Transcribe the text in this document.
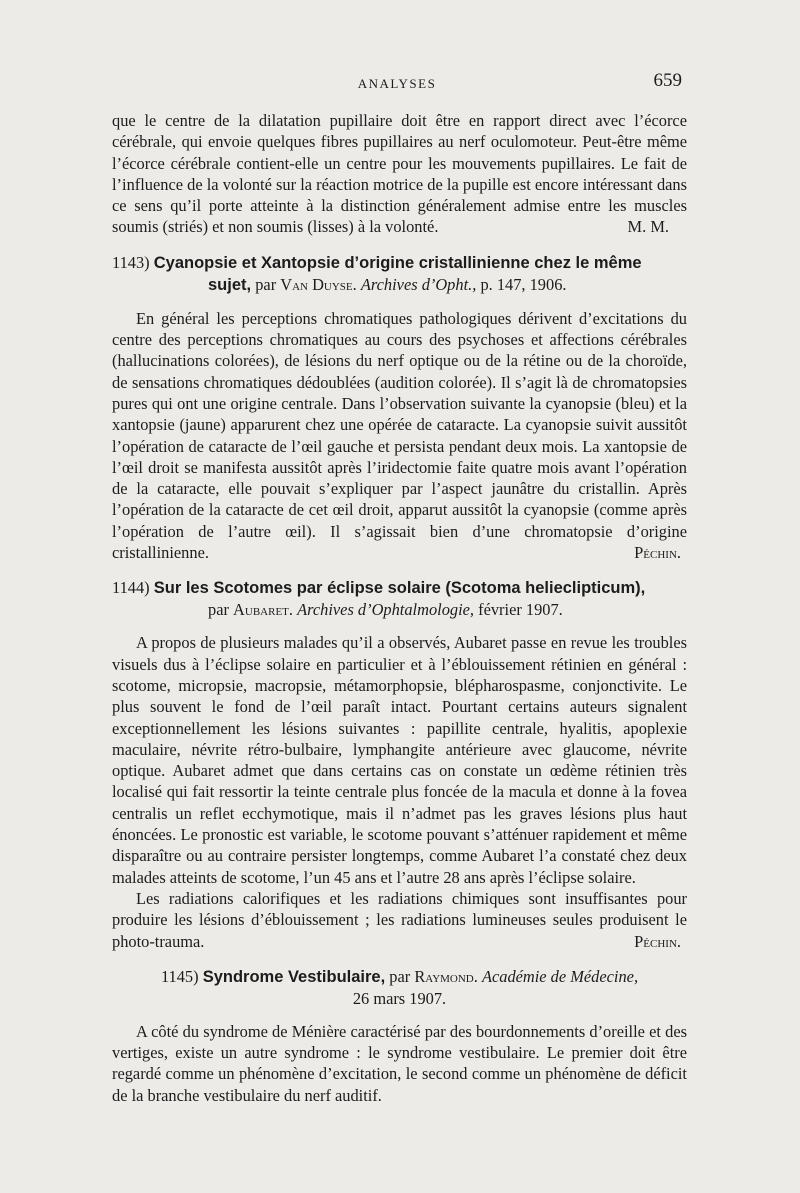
ANALYSES	659

que le centre de la dilatation pupillaire doit être en rapport direct avec l’écorce cérébrale, qui envoie quelques fibres pupillaires au nerf oculomoteur. Peut-être même l’écorce cérébrale contient-elle un centre pour les mouvements pupillaires. Le fait de l’influence de la volonté sur la réaction motrice de la pupille est encore intéressant dans ce sens qu’il porte atteinte à la distinction généralement admise entre les muscles soumis (striés) et non soumis (lisses) à la volonté.	M. M.
1143) Cyanopsie et Xantopsie d’origine cristallinienne chez le même
sujet, par Van Duyse. Archives d’Opht., p. 147, 1906.

En général les perceptions chromatiques pathologiques dérivent d’excitations du centre des perceptions chromatiques au cours des psychoses et affections cérébrales (hallucinations colorées), de lésions du nerf optique ou de la rétine ou de la choroïde, de sensations chromatiques dédoublées (audition colorée). Il s’agit là de chromatopsies pures qui ont une origine centrale. Dans l’observation suivante la cyanopsie (bleu) et la xantopsie (jaune) apparurent chez une opérée de cataracte. La cyanopsie suivit aussitôt l’opération de cataracte de l’œil gauche et persista pendant deux mois. La xantopsie de l’œil droit se manifesta aussitôt après l’iridectomie faite quatre mois avant l’opération de la cataracte, elle pouvait s’expliquer par l’aspect jaunâtre du cristallin. Après l’opération de la cataracte de cet œil droit, apparut aussitôt la cyanopsie (comme après l’opération de l’autre œil). Il s’agissait bien d’une chromatopsie d’origine cristallinienne.	Péchin.
1144) Sur les Scotomes par éclipse solaire (Scotoma helieclipticum),
par Aubaret. Archives d’Ophtalmologie, février 1907.

A propos de plusieurs malades qu’il a observés, Aubaret passe en revue les troubles visuels dus à l’éclipse solaire en particulier et à l’éblouissement rétinien en général : scotome, micropsie, macropsie, métamorphopsie, blépharospasme, conjonctivite. Le plus souvent le fond de l’œil paraît intact. Pourtant certains auteurs signalent exceptionnellement les lésions suivantes : papillite centrale, hyalitis, apoplexie maculaire, névrite rétro-bulbaire, lymphangite antérieure avec glaucome, névrite optique. Aubaret admet que dans certains cas on constate un œdème rétinien très localisé qui fait ressortir la teinte centrale plus foncée de la macula et donne à la fovea centralis un reflet ecchymotique, mais il n’admet pas les graves lésions plus haut énoncées. Le pronostic est variable, le scotome pouvant s’atténuer rapidement et même disparaître ou au contraire persister longtemps, comme Aubaret l’a constaté chez deux malades atteints de scotome, l’un 45 ans et l’autre 28 ans après l’éclipse solaire.

Les radiations calorifiques et les radiations chimiques sont insuffisantes pour produire les lésions d’éblouissement ; les radiations lumineuses seules produisent le photo-trauma.	Péchin.
1145) Syndrome Vestibulaire, par Raymond. Académie de Médecine,
26 mars 1907.

A côté du syndrome de Ménière caractérisé par des bourdonnements d’oreille et des vertiges, existe un autre syndrome : le syndrome vestibulaire. Le premier doit être regardé comme un phénomène d’excitation, le second comme un phénomène de déficit de la branche vestibulaire du nerf auditif.
